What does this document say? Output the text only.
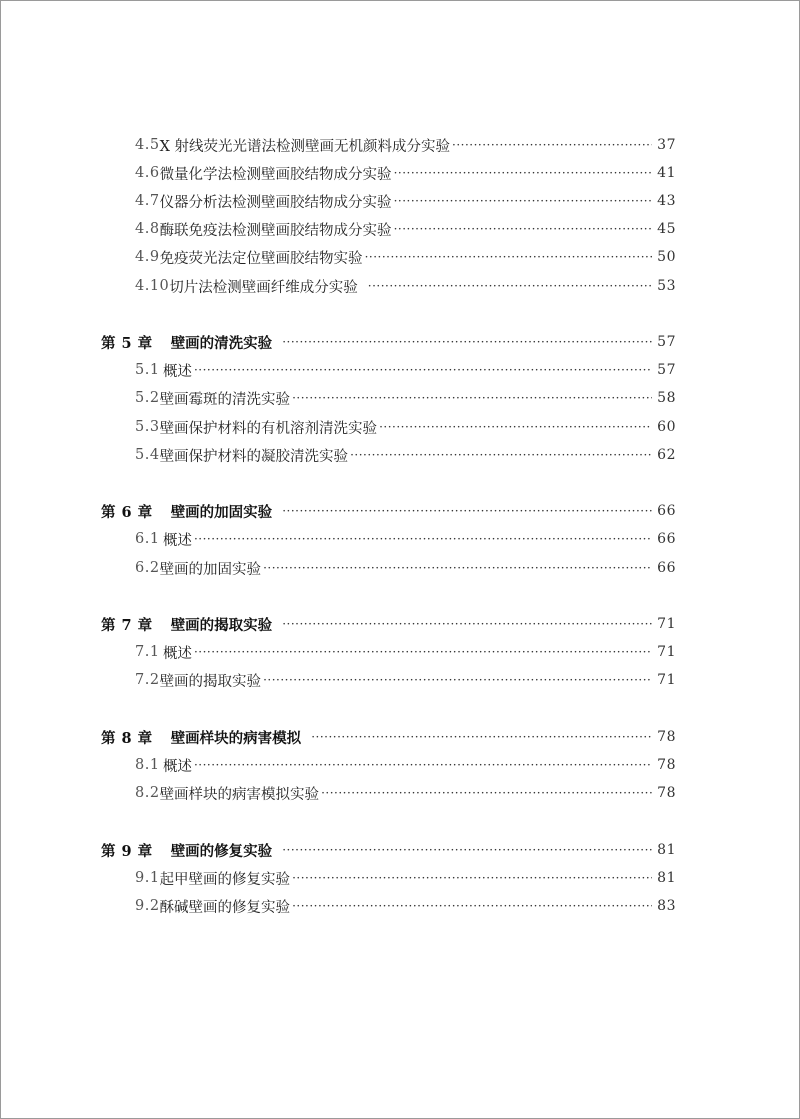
4.5 X 射线荧光光谱法检测壁画无机颜料成分实验 ·····	37
4.6 微量化学法检测壁画胶结物成分实验 ·····	41
4.7 仪器分析法检测壁画胶结物成分实验 ·····	43
4.8 酶联免疫法检测壁画胶结物成分实验 ·····	45
4.9 免疫荧光法定位壁画胶结物实验 ·····	50
4.10 切片法检测壁画纤维成分实验 ·····	53
第 5 章 壁画的清洗实验 ·····	57
5.1 概述 ·····	57
5.2 壁画霉斑的清洗实验 ·····	58
5.3 壁画保护材料的有机溶剂清洗实验 ·····	60
5.4 壁画保护材料的凝胶清洗实验 ·····	62
第 6 章 壁画的加固实验 ·····	66
6.1 概述 ·····	66
6.2 壁画的加固实验 ·····	66
第 7 章 壁画的揭取实验 ·····	71
7.1 概述 ·····	71
7.2 壁画的揭取实验 ·····	71
第 8 章 壁画样块的病害模拟 ·····	78
8.1 概述 ·····	78
8.2 壁画样块的病害模拟实验 ·····	78
第 9 章 壁画的修复实验 ·····	81
9.1 起甲壁画的修复实验 ·····	81
9.2 酥碱壁画的修复实验 ·····	83
